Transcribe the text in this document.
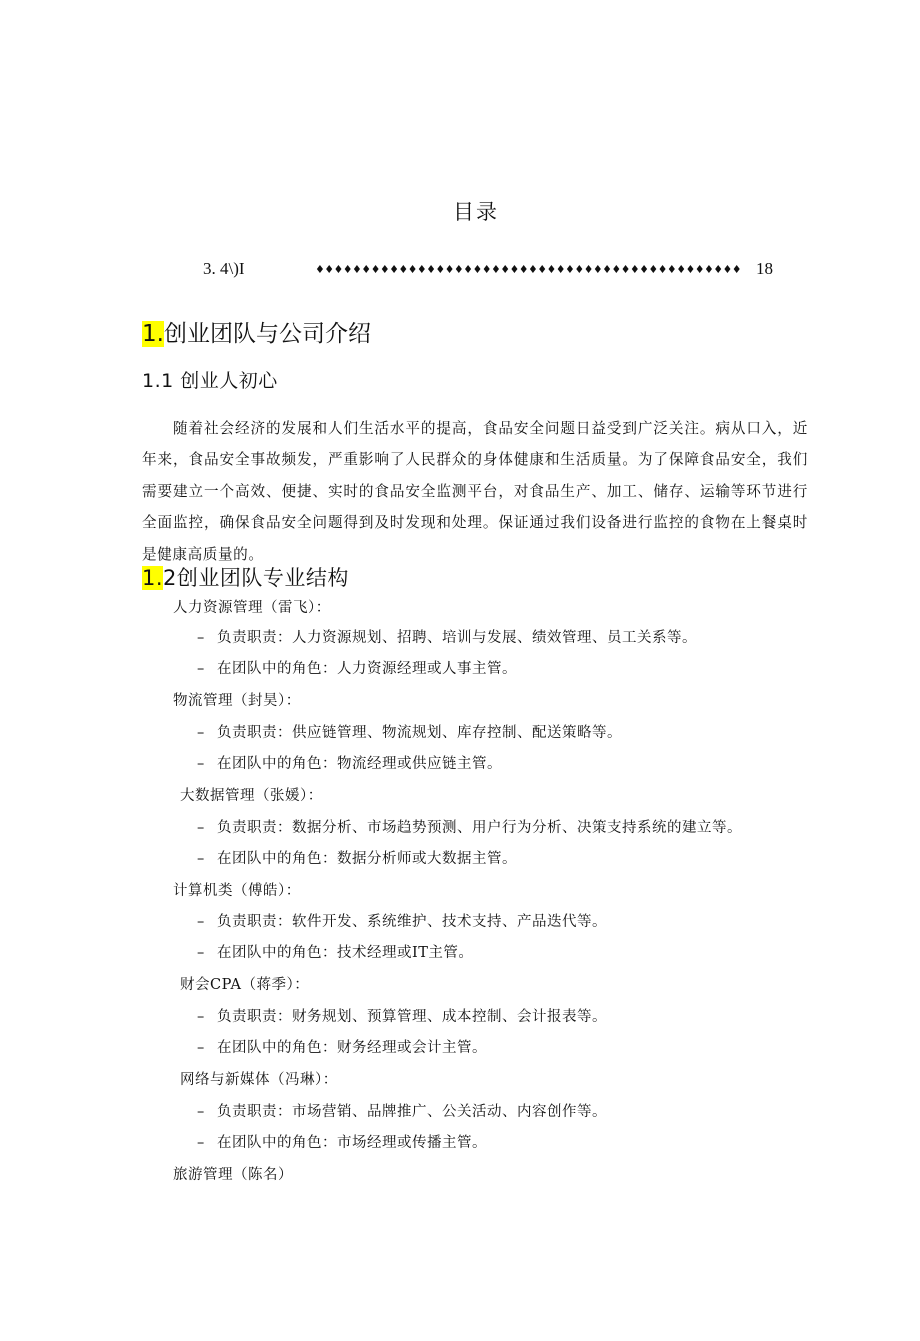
目录
3. 4\)I	♦♦♦♦♦♦♦♦♦♦♦♦♦♦♦♦♦♦♦♦♦♦♦♦♦♦♦♦♦♦♦♦♦♦♦♦♦♦♦♦♦♦♦♦♦♦ 18
1.创业团队与公司介绍
1.1 创业人初心

随着社会经济的发展和人们生活水平的提高，食品安全问题日益受到广泛关注。病从口入，近年来，食品安全事故频发，严重影响了人民群众的身体健康和生活质量。为了保障食品安全，我们需要建立一个高效、便捷、实时的食品安全监测平台，对食品生产、加工、储存、运输等环节进行全面监控，确保食品安全问题得到及时发现和处理。保证通过我们设备进行监控的食物在上餐桌时是健康高质量的。

1.2创业团队专业结构
人力资源管理（雷飞）：
– 负责职责：人力资源规划、招聘、培训与发展、绩效管理、员工关系等。
– 在团队中的角色：人力资源经理或人事主管。
物流管理（封昊）：
– 负责职责：供应链管理、物流规划、库存控制、配送策略等。
– 在团队中的角色：物流经理或供应链主管。
大数据管理（张媛）：
– 负责职责：数据分析、市场趋势预测、用户行为分析、决策支持系统的建立等。
– 在团队中的角色：数据分析师或大数据主管。
计算机类（傅皓）：
– 负责职责：软件开发、系统维护、技术支持、产品迭代等。
– 在团队中的角色：技术经理或IT主管。
财会CPA（蒋季）：
– 负责职责：财务规划、预算管理、成本控制、会计报表等。
– 在团队中的角色：财务经理或会计主管。
网络与新媒体（冯琳）：
– 负责职责：市场营销、品牌推广、公关活动、内容创作等。
– 在团队中的角色：市场经理或传播主管。
旅游管理（陈名）
